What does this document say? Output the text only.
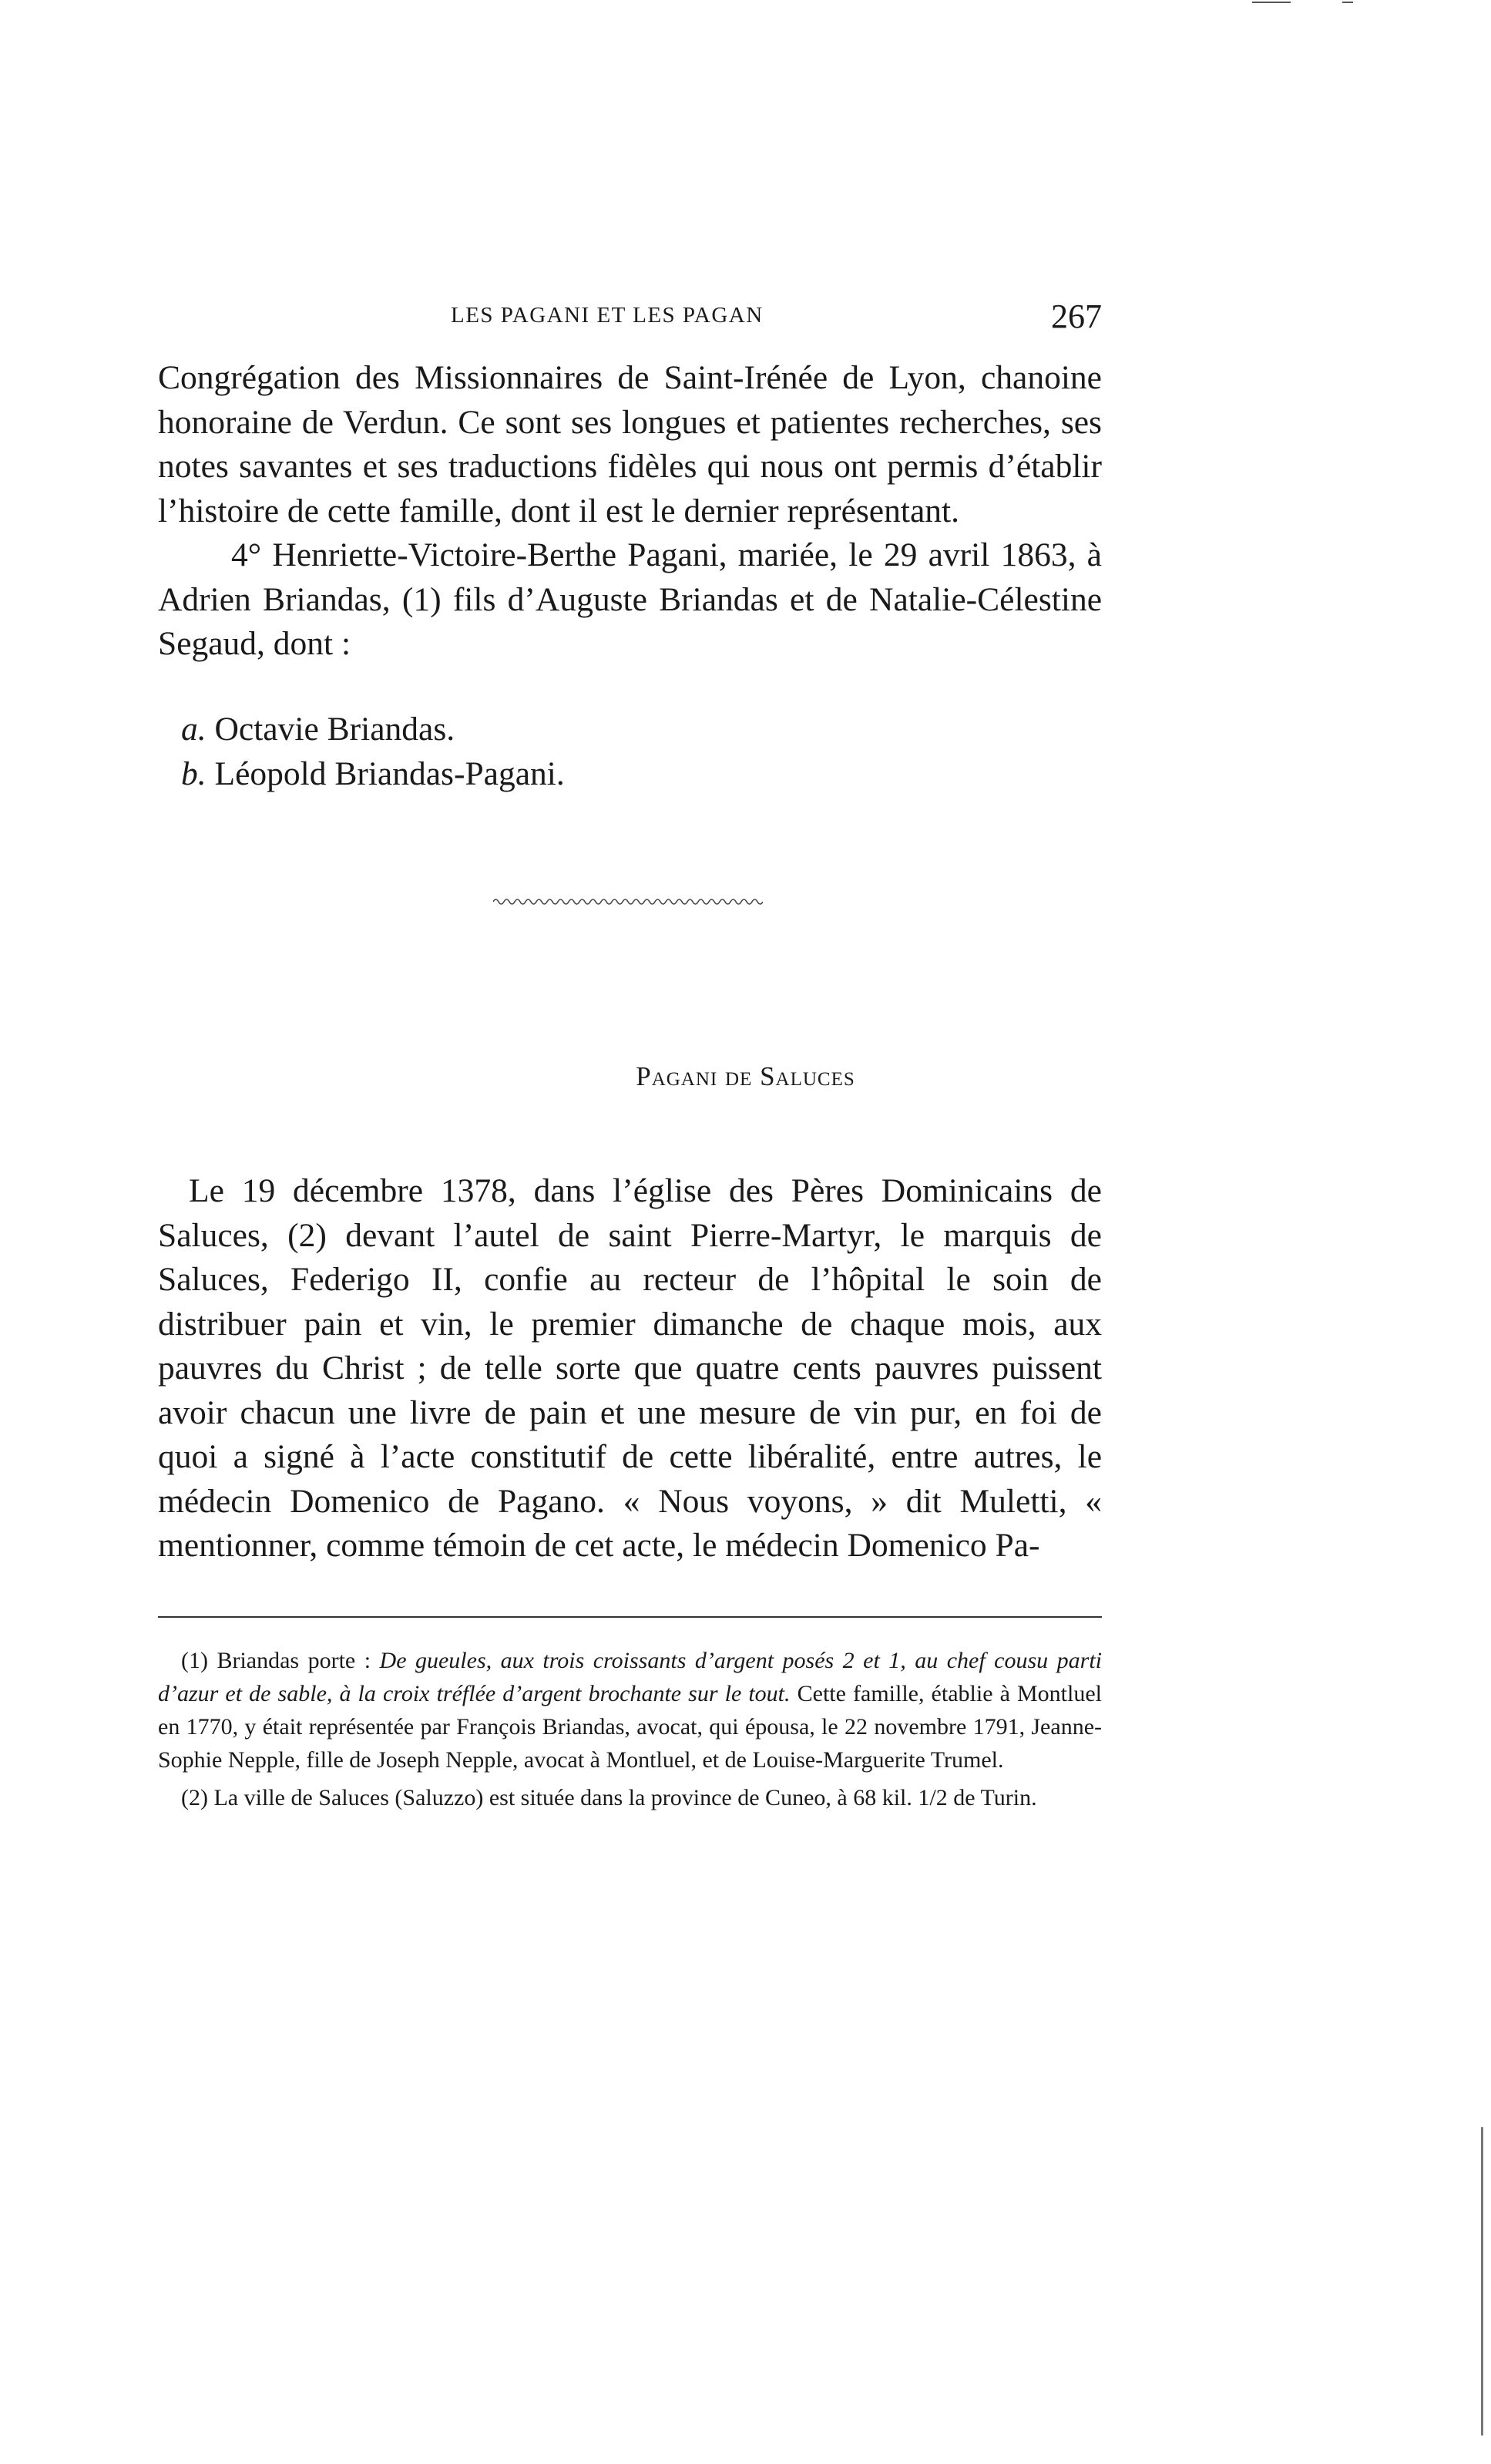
LES PAGANI ET LES PAGAN	267

Congrégation des Missionnaires de Saint-Irénée de Lyon, chanoine honoraine de Verdun. Ce sont ses longues et patientes recherches, ses notes savantes et ses traductions fidèles qui nous ont permis d’établir l’histoire de cette famille, dont il est le dernier représentant.

4° Henriette-Victoire-Berthe Pagani, mariée, le 29 avril 1863, à Adrien Briandas, (1) fils d’Auguste Briandas et de Natalie-Célestine Segaud, dont :

a. Octavie Briandas.
b. Léopold Briandas-Pagani.
Pagani de Saluces

Le 19 décembre 1378, dans l’église des Pères Dominicains de Saluces, (2) devant l’autel de saint Pierre-Martyr, le marquis de Saluces, Federigo II, confie au recteur de l’hôpital le soin de distribuer pain et vin, le premier dimanche de chaque mois, aux pauvres du Christ ; de telle sorte que quatre cents pauvres puissent avoir chacun une livre de pain et une mesure de vin pur, en foi de quoi a signé à l’acte constitutif de cette libéralité, entre autres, le médecin Domenico de Pagano. « Nous voyons, » dit Muletti, « mentionner, comme témoin de cet acte, le médecin Domenico Pa-

(1) Briandas porte : De gueules, aux trois croissants d’argent posés 2 et 1, au chef cousu parti d’azur et de sable, à la croix tréflée d’argent brochante sur le tout. Cette famille, établie à Montluel en 1770, y était représentée par François Briandas, avocat, qui épousa, le 22 novembre 1791, Jeanne-Sophie Nepple, fille de Joseph Nepple, avocat à Montluel, et de Louise-Marguerite Trumel.

(2) La ville de Saluces (Saluzzo) est située dans la province de Cuneo, à 68 kil. 1/2 de Turin.
